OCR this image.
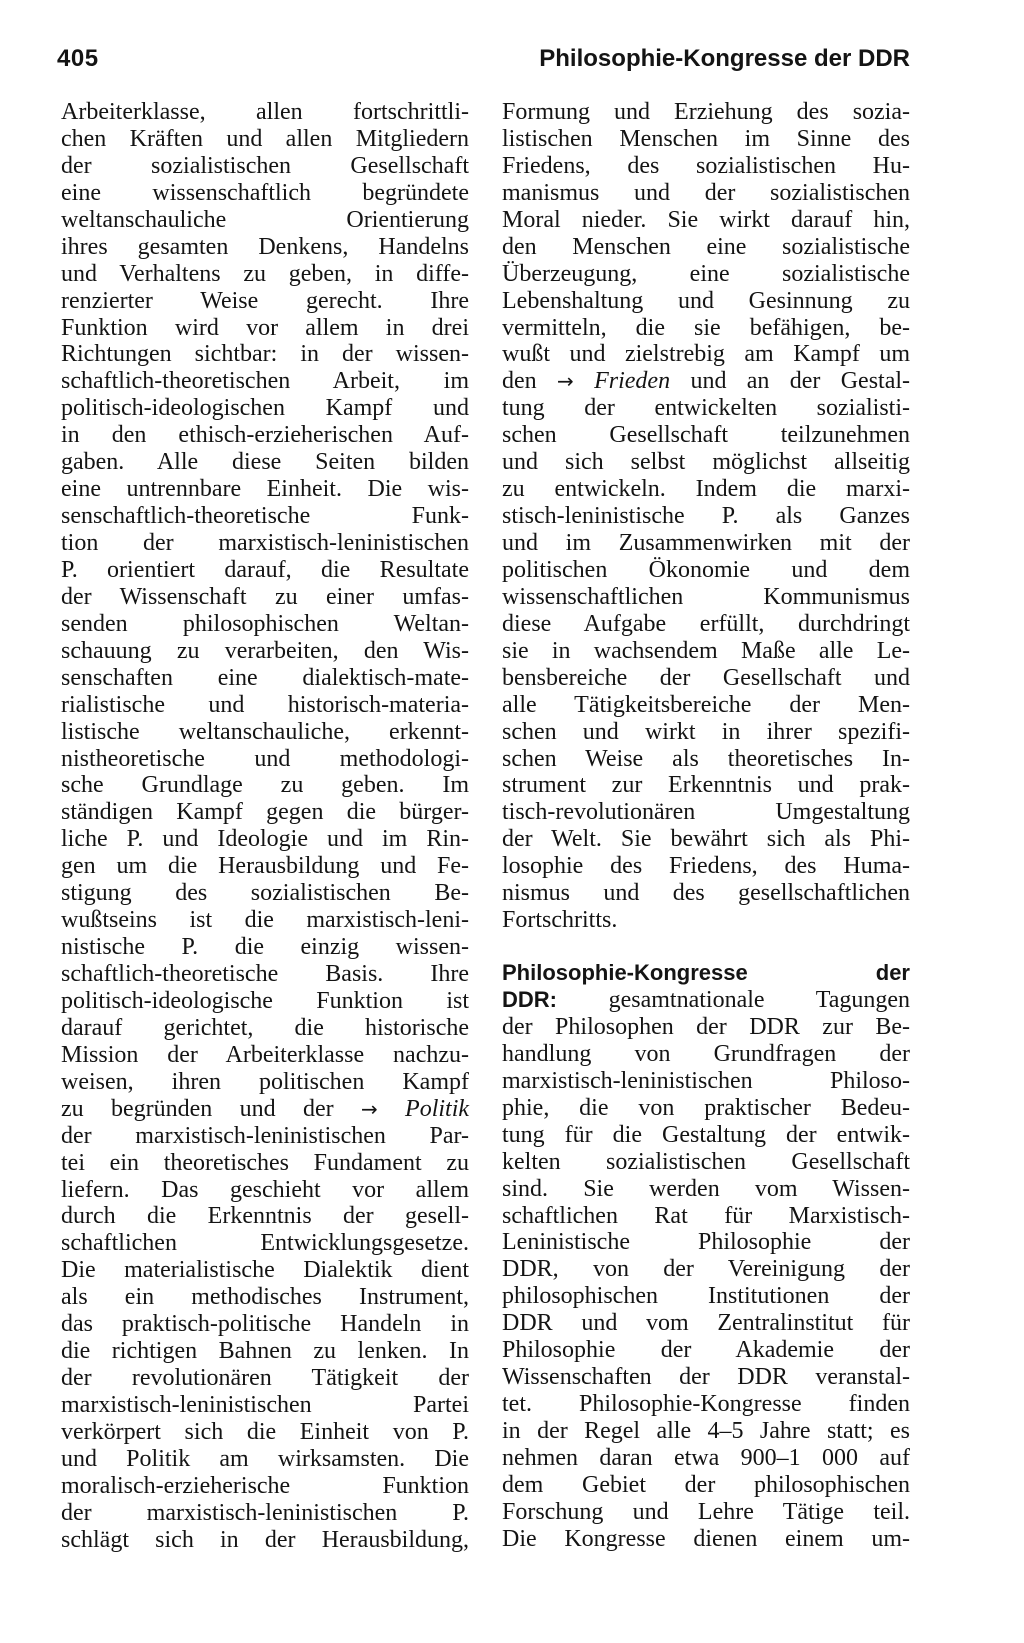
405	Philosophie-Kongresse der DDR
Arbeiterklasse, allen fortschrittli-
chen Kräften und allen Mitgliedern
der sozialistischen Gesellschaft
eine wissenschaftlich begründete
weltanschauliche Orientierung
ihres gesamten Denkens, Handelns
und Verhaltens zu geben, in diffe-
renzierter Weise gerecht. Ihre
Funktion wird vor allem in drei
Richtungen sichtbar: in der wissen-
schaftlich-theoretischen Arbeit, im
politisch-ideologischen Kampf und
in den ethisch-erzieherischen Auf-
gaben. Alle diese Seiten bilden
eine untrennbare Einheit. Die wis-
senschaftlich-theoretische Funk-
tion der marxistisch-leninistischen
P. orientiert darauf, die Resultate
der Wissenschaft zu einer umfas-
senden philosophischen Weltan-
schauung zu verarbeiten, den Wis-
senschaften eine dialektisch-mate-
rialistische und historisch-materia-
listische weltanschauliche, erkennt-
nistheoretische und methodologi-
sche Grundlage zu geben. Im
ständigen Kampf gegen die bürger-
liche P. und Ideologie und im Rin-
gen um die Herausbildung und Fe-
stigung des sozialistischen Be-
wußtseins ist die marxistisch-leni-
nistische P. die einzig wissen-
schaftlich-theoretische Basis. Ihre
politisch-ideologische Funktion ist
darauf gerichtet, die historische
Mission der Arbeiterklasse nachzu-
weisen, ihren politischen Kampf
zu begründen und der → Politik
der marxistisch-leninistischen Par-
tei ein theoretisches Fundament zu
liefern. Das geschieht vor allem
durch die Erkenntnis der gesell-
schaftlichen Entwicklungsgesetze.
Die materialistische Dialektik dient
als ein methodisches Instrument,
das praktisch-politische Handeln in
die richtigen Bahnen zu lenken. In
der revolutionären Tätigkeit der
marxistisch-leninistischen Partei
verkörpert sich die Einheit von P.
und Politik am wirksamsten. Die
moralisch-erzieherische Funktion
der marxistisch-leninistischen P.
schlägt sich in der Herausbildung,
Formung und Erziehung des sozia-
listischen Menschen im Sinne des
Friedens, des sozialistischen Hu-
manismus und der sozialistischen
Moral nieder. Sie wirkt darauf hin,
den Menschen eine sozialistische
Überzeugung, eine sozialistische
Lebenshaltung und Gesinnung zu
vermitteln, die sie befähigen, be-
wußt und zielstrebig am Kampf um
den → Frieden und an der Gestal-
tung der entwickelten sozialisti-
schen Gesellschaft teilzunehmen
und sich selbst möglichst allseitig
zu entwickeln. Indem die marxi-
stisch-leninistische P. als Ganzes
und im Zusammenwirken mit der
politischen Ökonomie und dem
wissenschaftlichen Kommunismus
diese Aufgabe erfüllt, durchdringt
sie in wachsendem Maße alle Le-
bensbereiche der Gesellschaft und
alle Tätigkeitsbereiche der Men-
schen und wirkt in ihrer spezifi-
schen Weise als theoretisches In-
strument zur Erkenntnis und prak-
tisch-revolutionären Umgestaltung
der Welt. Sie bewährt sich als Phi-
losophie des Friedens, des Huma-
nismus und des gesellschaftlichen
Fortschritts.
Philosophie-Kongresse der
DDR: gesamtnationale Tagungen
der Philosophen der DDR zur Be-
handlung von Grundfragen der
marxistisch-leninistischen Philoso-
phie, die von praktischer Bedeu-
tung für die Gestaltung der entwik-
kelten sozialistischen Gesellschaft
sind. Sie werden vom Wissen-
schaftlichen Rat für Marxistisch-
Leninistische Philosophie der
DDR, von der Vereinigung der
philosophischen Institutionen der
DDR und vom Zentralinstitut für
Philosophie der Akademie der
Wissenschaften der DDR veranstal-
tet. Philosophie-Kongresse finden
in der Regel alle 4–5 Jahre statt; es
nehmen daran etwa 900–1 000 auf
dem Gebiet der philosophischen
Forschung und Lehre Tätige teil.
Die Kongresse dienen einem um-
